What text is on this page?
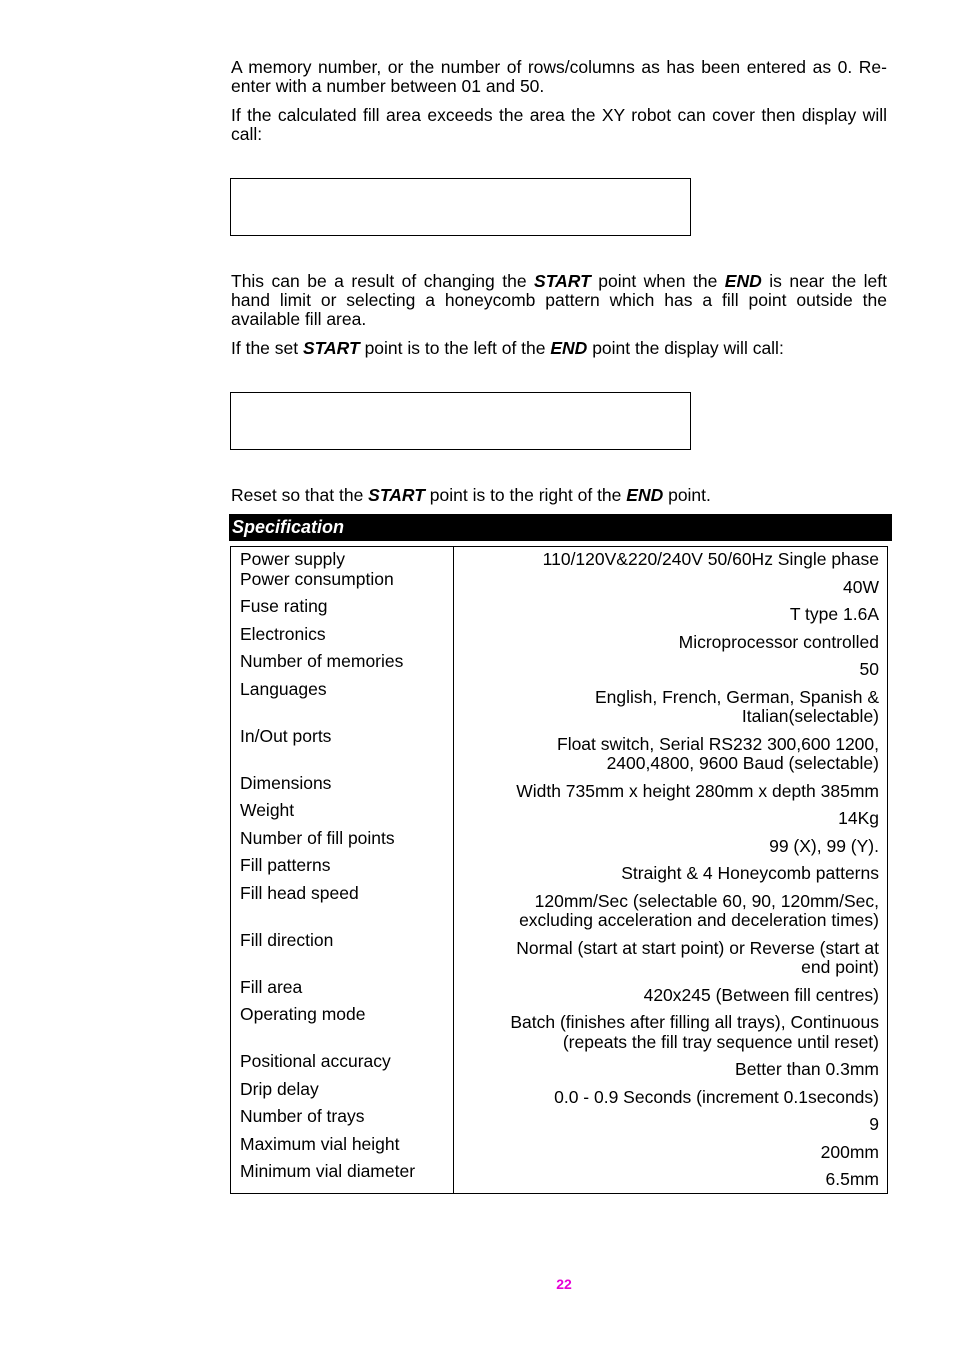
A memory number, or the number of rows/columns as has been entered as 0. Re-enter with a number between 01 and 50.

If the calculated fill area exceeds the area the XY robot can cover then display will call:

This can be a result of changing the START point when the END is near the left hand limit or selecting a honeycomb pattern which has a fill point outside the available fill area.

If the set START point is to the left of the END point the display will call:

Reset so that the START point is to the right of the END point.

Specification
Power supply	110/120V&220/240V 50/60Hz Single phase
Power consumption	40W
Fuse rating	T type 1.6A
Electronics	Microprocessor controlled
Number of memories	50
Languages	English, French, German, Spanish &
Italian(selectable)
In/Out ports	Float switch, Serial RS232 300,600 1200,
2400,4800, 9600 Baud (selectable)
Dimensions	Width 735mm x height 280mm x depth 385mm
Weight	14Kg
Number of fill points	99 (X), 99 (Y).
Fill patterns	Straight & 4 Honeycomb patterns
Fill head speed	120mm/Sec (selectable 60, 90, 120mm/Sec,
excluding acceleration and deceleration times)
Fill direction	Normal (start at start point) or Reverse (start at
end point)
Fill area	420x245 (Between fill centres)
Operating mode	Batch (finishes after filling all trays), Continuous
(repeats the fill tray sequence until reset)
Positional accuracy	Better than 0.3mm
Drip delay	0.0 - 0.9 Seconds (increment 0.1seconds)
Number of trays	9
Maximum vial height	200mm
Minimum vial diameter	6.5mm
22
